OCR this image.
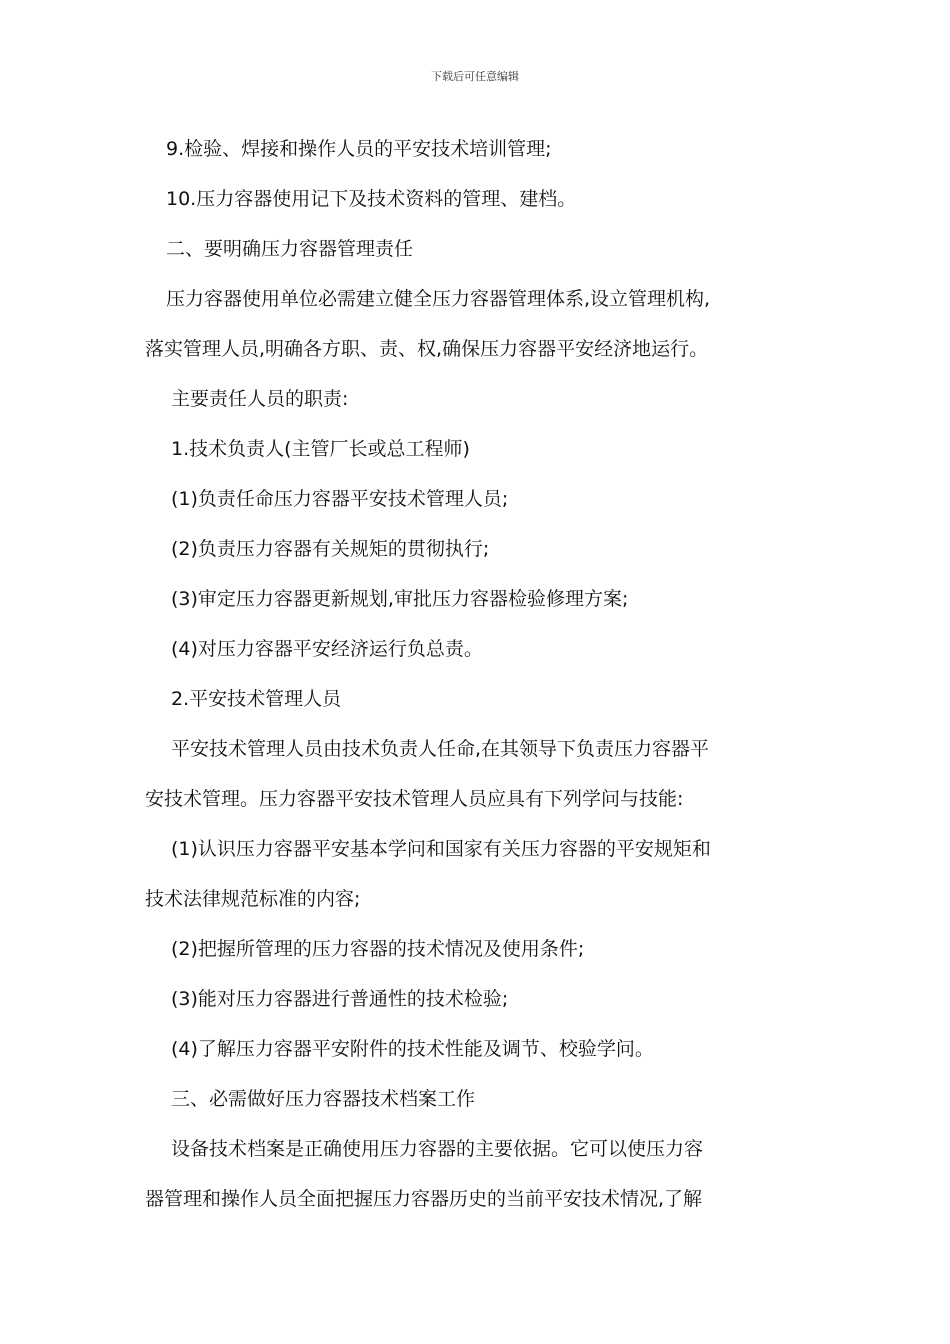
下载后可任意编辑

9.检验、焊接和操作人员的平安技术培训管理;

10.压力容器使用记下及技术资料的管理、建档。

二、要明确压力容器管理责任

压力容器使用单位必需建立健全压力容器管理体系,设立管理机构,

落实管理人员,明确各方职、责、权,确保压力容器平安经济地运行。

主要责任人员的职责:

1.技术负责人(主管厂长或总工程师)

(1)负责任命压力容器平安技术管理人员;

(2)负责压力容器有关规矩的贯彻执行;

(3)审定压力容器更新规划,审批压力容器检验修理方案;

(4)对压力容器平安经济运行负总责。

2.平安技术管理人员

平安技术管理人员由技术负责人任命,在其领导下负责压力容器平

安技术管理。压力容器平安技术管理人员应具有下列学问与技能:

(1)认识压力容器平安基本学问和国家有关压力容器的平安规矩和

技术法律规范标准的内容;

(2)把握所管理的压力容器的技术情况及使用条件;

(3)能对压力容器进行普通性的技术检验;

(4)了解压力容器平安附件的技术性能及调节、校验学问。

三、必需做好压力容器技术档案工作

设备技术档案是正确使用压力容器的主要依据。它可以使压力容

器管理和操作人员全面把握压力容器历史的当前平安技术情况,了解
